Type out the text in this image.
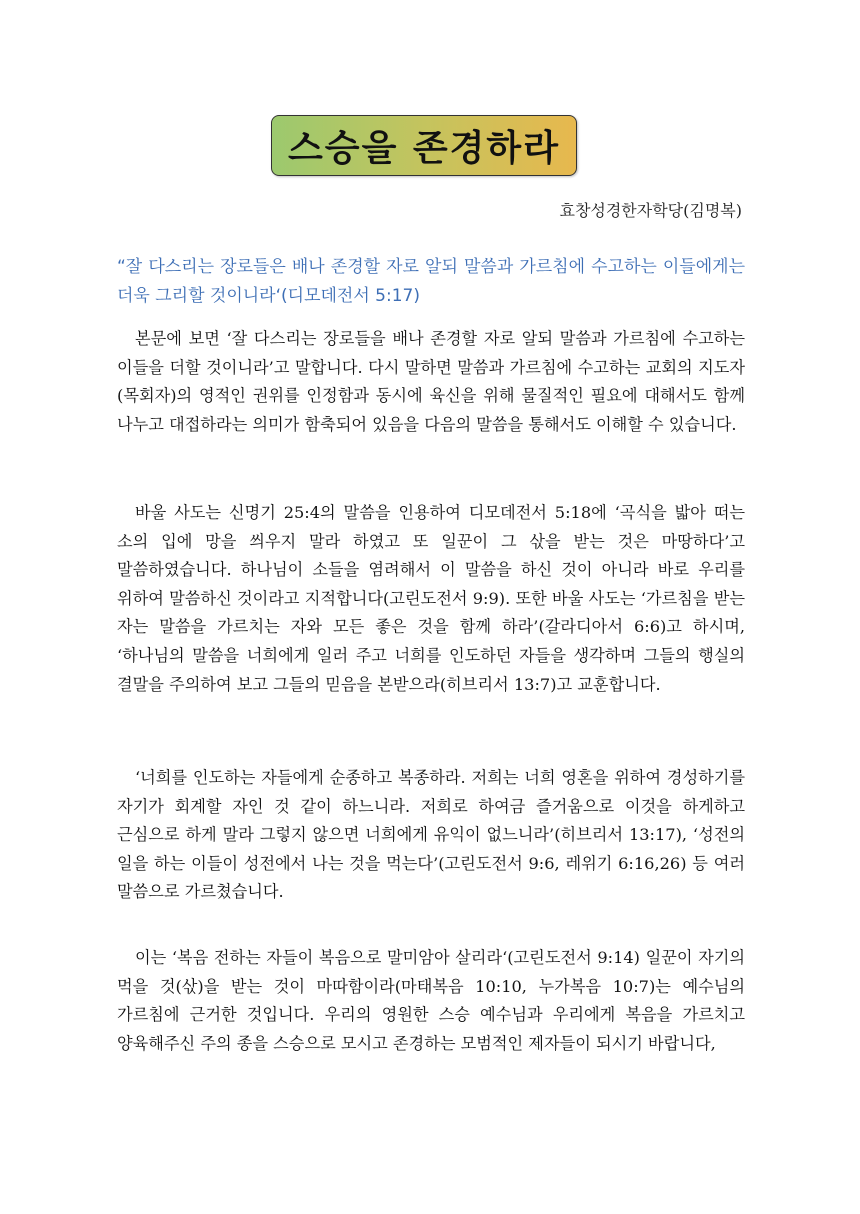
스승을 존경하라
효창성경한자학당(김명복)

“잘 다스리는 장로들은 배나 존경할 자로 알되 말씀과 가르침에 수고하는 이들에게는 더욱 그리할 것이니라‘(디모데전서 5:17)

본문에 보면 ‘잘 다스리는 장로들을 배나 존경할 자로 알되 말씀과 가르침에 수고하는 이들을 더할 것이니라’고 말합니다. 다시 말하면 말씀과 가르침에 수고하는 교회의 지도자(목회자)의 영적인 권위를 인정함과 동시에 육신을 위해 물질적인 필요에 대해서도 함께 나누고 대접하라는 의미가 함축되어 있음을 다음의 말씀을 통해서도 이해할 수 있습니다.

바울 사도는 신명기 25:4의 말씀을 인용하여 디모데전서 5:18에 ‘곡식을 밟아 떠는 소의 입에 망을 씌우지 말라 하였고 또 일꾼이 그 삯을 받는 것은 마땅하다’고 말씀하였습니다. 하나님이 소들을 염려해서 이 말씀을 하신 것이 아니라 바로 우리를 위하여 말씀하신 것이라고 지적합니다(고린도전서 9:9). 또한 바울 사도는 ‘가르침을 받는 자는 말씀을 가르치는 자와 모든 좋은 것을 함께 하라’(갈라디아서 6:6)고 하시며, ‘하나님의 말씀을 너희에게 일러 주고 너희를 인도하던 자들을 생각하며 그들의 행실의 결말을 주의하여 보고 그들의 믿음을 본받으라(히브리서 13:7)고 교훈합니다.

‘너희를 인도하는 자들에게 순종하고 복종하라. 저희는 너희 영혼을 위하여 경성하기를 자기가 회계할 자인 것 같이 하느니라. 저희로 하여금 즐거움으로 이것을 하게하고 근심으로 하게 말라 그렇지 않으면 너희에게 유익이 없느니라’(히브리서 13:17), ‘성전의 일을 하는 이들이 성전에서 나는 것을 먹는다’(고린도전서 9:6, 레위기 6:16,26) 등 여러 말씀으로 가르쳤습니다.

이는 ‘복음 전하는 자들이 복음으로 말미암아 살리라‘(고린도전서 9:14) 일꾼이 자기의 먹을 것(삯)을 받는 것이 마따함이라(마태복음 10:10, 누가복음 10:7)는 예수님의 가르침에 근거한 것입니다. 우리의 영원한 스승 예수님과 우리에게 복음을 가르치고 양육해주신 주의 종을 스승으로 모시고 존경하는 모범적인 제자들이 되시기 바랍니다,
